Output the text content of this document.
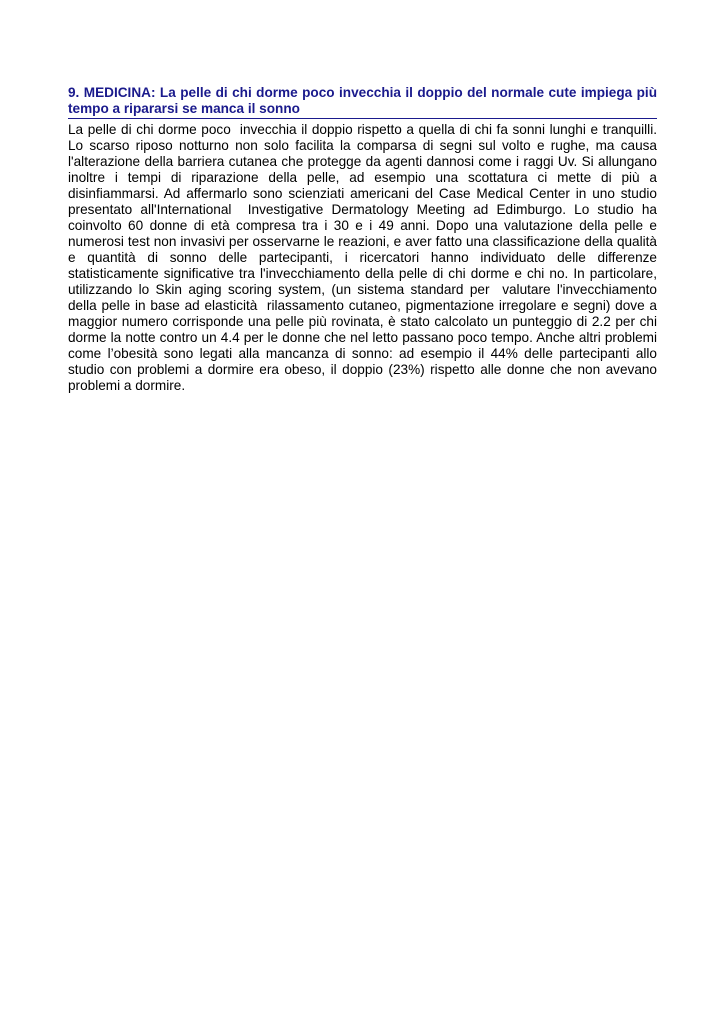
9. MEDICINA: La pelle di chi dorme poco invecchia il doppio del normale cute impiega più tempo a ripararsi se manca il sonno

La pelle di chi dorme poco  invecchia il doppio rispetto a quella di chi fa sonni lunghi e tranquilli. Lo scarso riposo notturno non solo facilita la comparsa di segni sul volto e rughe, ma causa l'alterazione della barriera cutanea che protegge da agenti dannosi come i raggi Uv. Si allungano inoltre i tempi di riparazione della pelle, ad esempio una scottatura ci mette di più a disinfiammarsi. Ad affermarlo sono scienziati americani del Case Medical Center in uno studio presentato all'International  Investigative Dermatology Meeting ad Edimburgo. Lo studio ha coinvolto 60 donne di età compresa tra i 30 e i 49 anni. Dopo una valutazione della pelle e numerosi test non invasivi per osservarne le reazioni, e aver fatto una classificazione della qualità e quantità di sonno delle partecipanti, i ricercatori hanno individuato delle differenze statisticamente significative tra l'invecchiamento della pelle di chi dorme e chi no. In particolare, utilizzando lo Skin aging scoring system, (un sistema standard per  valutare l'invecchiamento della pelle in base ad elasticità  rilassamento cutaneo, pigmentazione irregolare e segni) dove a maggior numero corrisponde una pelle più rovinata, è stato calcolato un punteggio di 2.2 per chi dorme la notte contro un 4.4 per le donne che nel letto passano poco tempo. Anche altri problemi come l’obesità sono legati alla mancanza di sonno: ad esempio il 44% delle partecipanti allo studio con problemi a dormire era obeso, il doppio (23%) rispetto alle donne che non avevano problemi a dormire.
